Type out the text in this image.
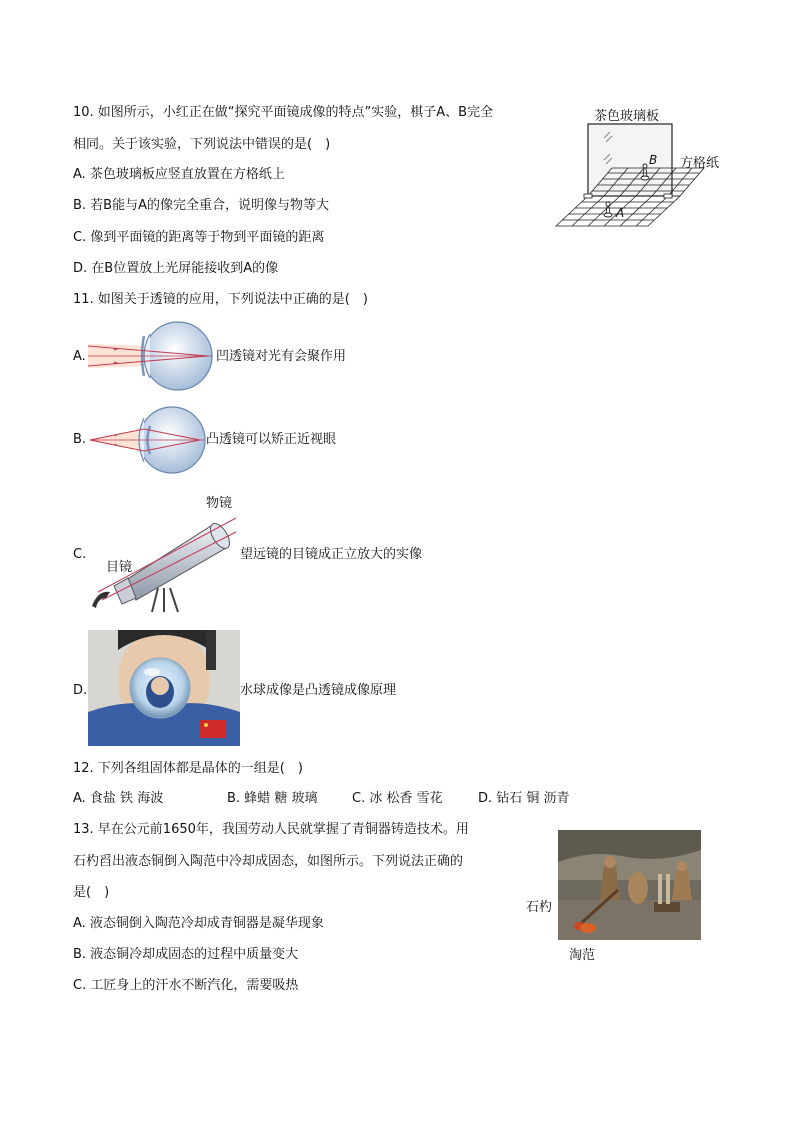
10. 如图所示，小红正在做“探究平面镜成像的特点”实验，棋子A、B完全
相同。关于该实验，下列说法中错误的是(　)
A. 茶色玻璃板应竖直放置在方格纸上
B. 若B能与A的像完全重合，说明像与物等大
C. 像到平面镜的距离等于物到平面镜的距离
D. 在B位置放上光屏能接收到A的像
茶色玻璃板
方格纸
B
A
11. 如图关于透镜的应用，下列说法中正确的是(　)
A.	凹透镜对光有会聚作用
B.	凸透镜可以矫正近视眼
C.
物镜
目镜
望远镜的目镜成正立放大的实像
D.	水球成像是凸透镜成像原理
12. 下列各组固体都是晶体的一组是(　)
A. 食盐 铁 海波	B. 蜂蜡 糖 玻璃	C. 冰 松香 雪花	D. 钻石 铜 沥青
13. 早在公元前1650年，我国劳动人民就掌握了青铜器铸造技术。用
石杓舀出液态铜倒入陶范中冷却成固态，如图所示。下列说法正确的
是(　)
A. 液态铜倒入陶范冷却成青铜器是凝华现象
B. 液态铜冷却成固态的过程中质量变大
C. 工匠身上的汗水不断汽化，需要吸热
石杓
淘范
